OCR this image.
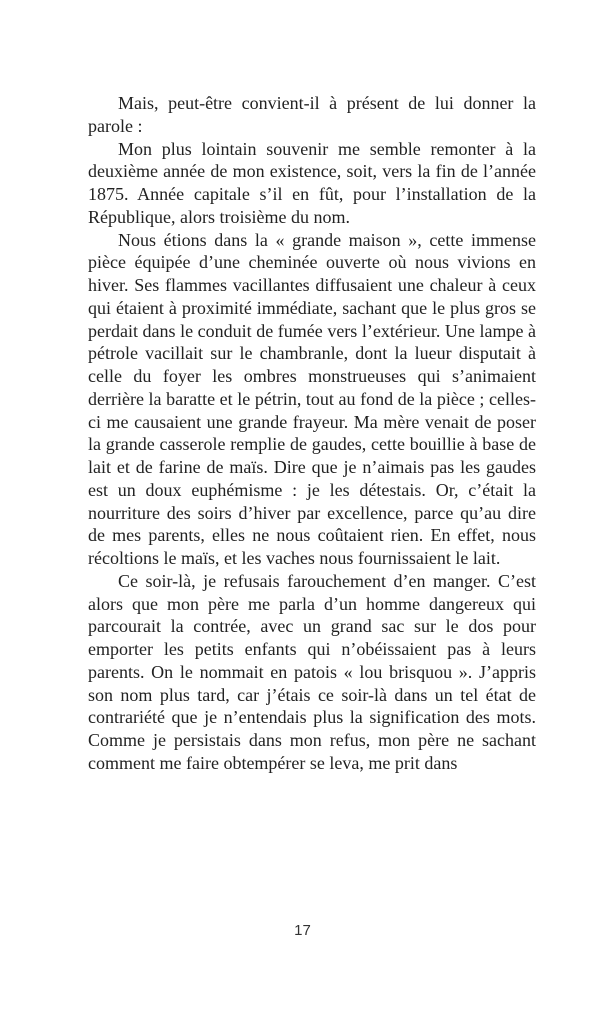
Mais, peut-être convient-il à présent de lui donner la parole :

Mon plus lointain souvenir me semble remonter à la deuxième année de mon existence, soit, vers la fin de l’année 1875. Année capitale s’il en fût, pour l’installation de la République, alors troisième du nom.

Nous étions dans la « grande maison », cette immense pièce équipée d’une cheminée ouverte où nous vivions en hiver. Ses flammes vacillantes diffusaient une chaleur à ceux qui étaient à proximité immédiate, sachant que le plus gros se perdait dans le conduit de fumée vers l’extérieur. Une lampe à pétrole vacillait sur le chambranle, dont la lueur disputait à celle du foyer les ombres monstrueuses qui s’animaient derrière la baratte et le pétrin, tout au fond de la pièce ; celles-ci me causaient une grande frayeur. Ma mère venait de poser la grande casserole remplie de gaudes, cette bouillie à base de lait et de farine de maïs. Dire que je n’aimais pas les gaudes est un doux euphémisme : je les détestais. Or, c’était la nourriture des soirs d’hiver par excellence, parce qu’au dire de mes parents, elles ne nous coûtaient rien. En effet, nous récoltions le maïs, et les vaches nous fournissaient le lait.

Ce soir-là, je refusais farouchement d’en manger. C’est alors que mon père me parla d’un homme dangereux qui parcourait la contrée, avec un grand sac sur le dos pour emporter les petits enfants qui n’obéissaient pas à leurs parents. On le nommait en patois « lou brisquou ». J’appris son nom plus tard, car j’étais ce soir-là dans un tel état de contrariété que je n’entendais plus la signification des mots. Comme je persistais dans mon refus, mon père ne sachant comment me faire obtempérer se leva, me prit dans

17
